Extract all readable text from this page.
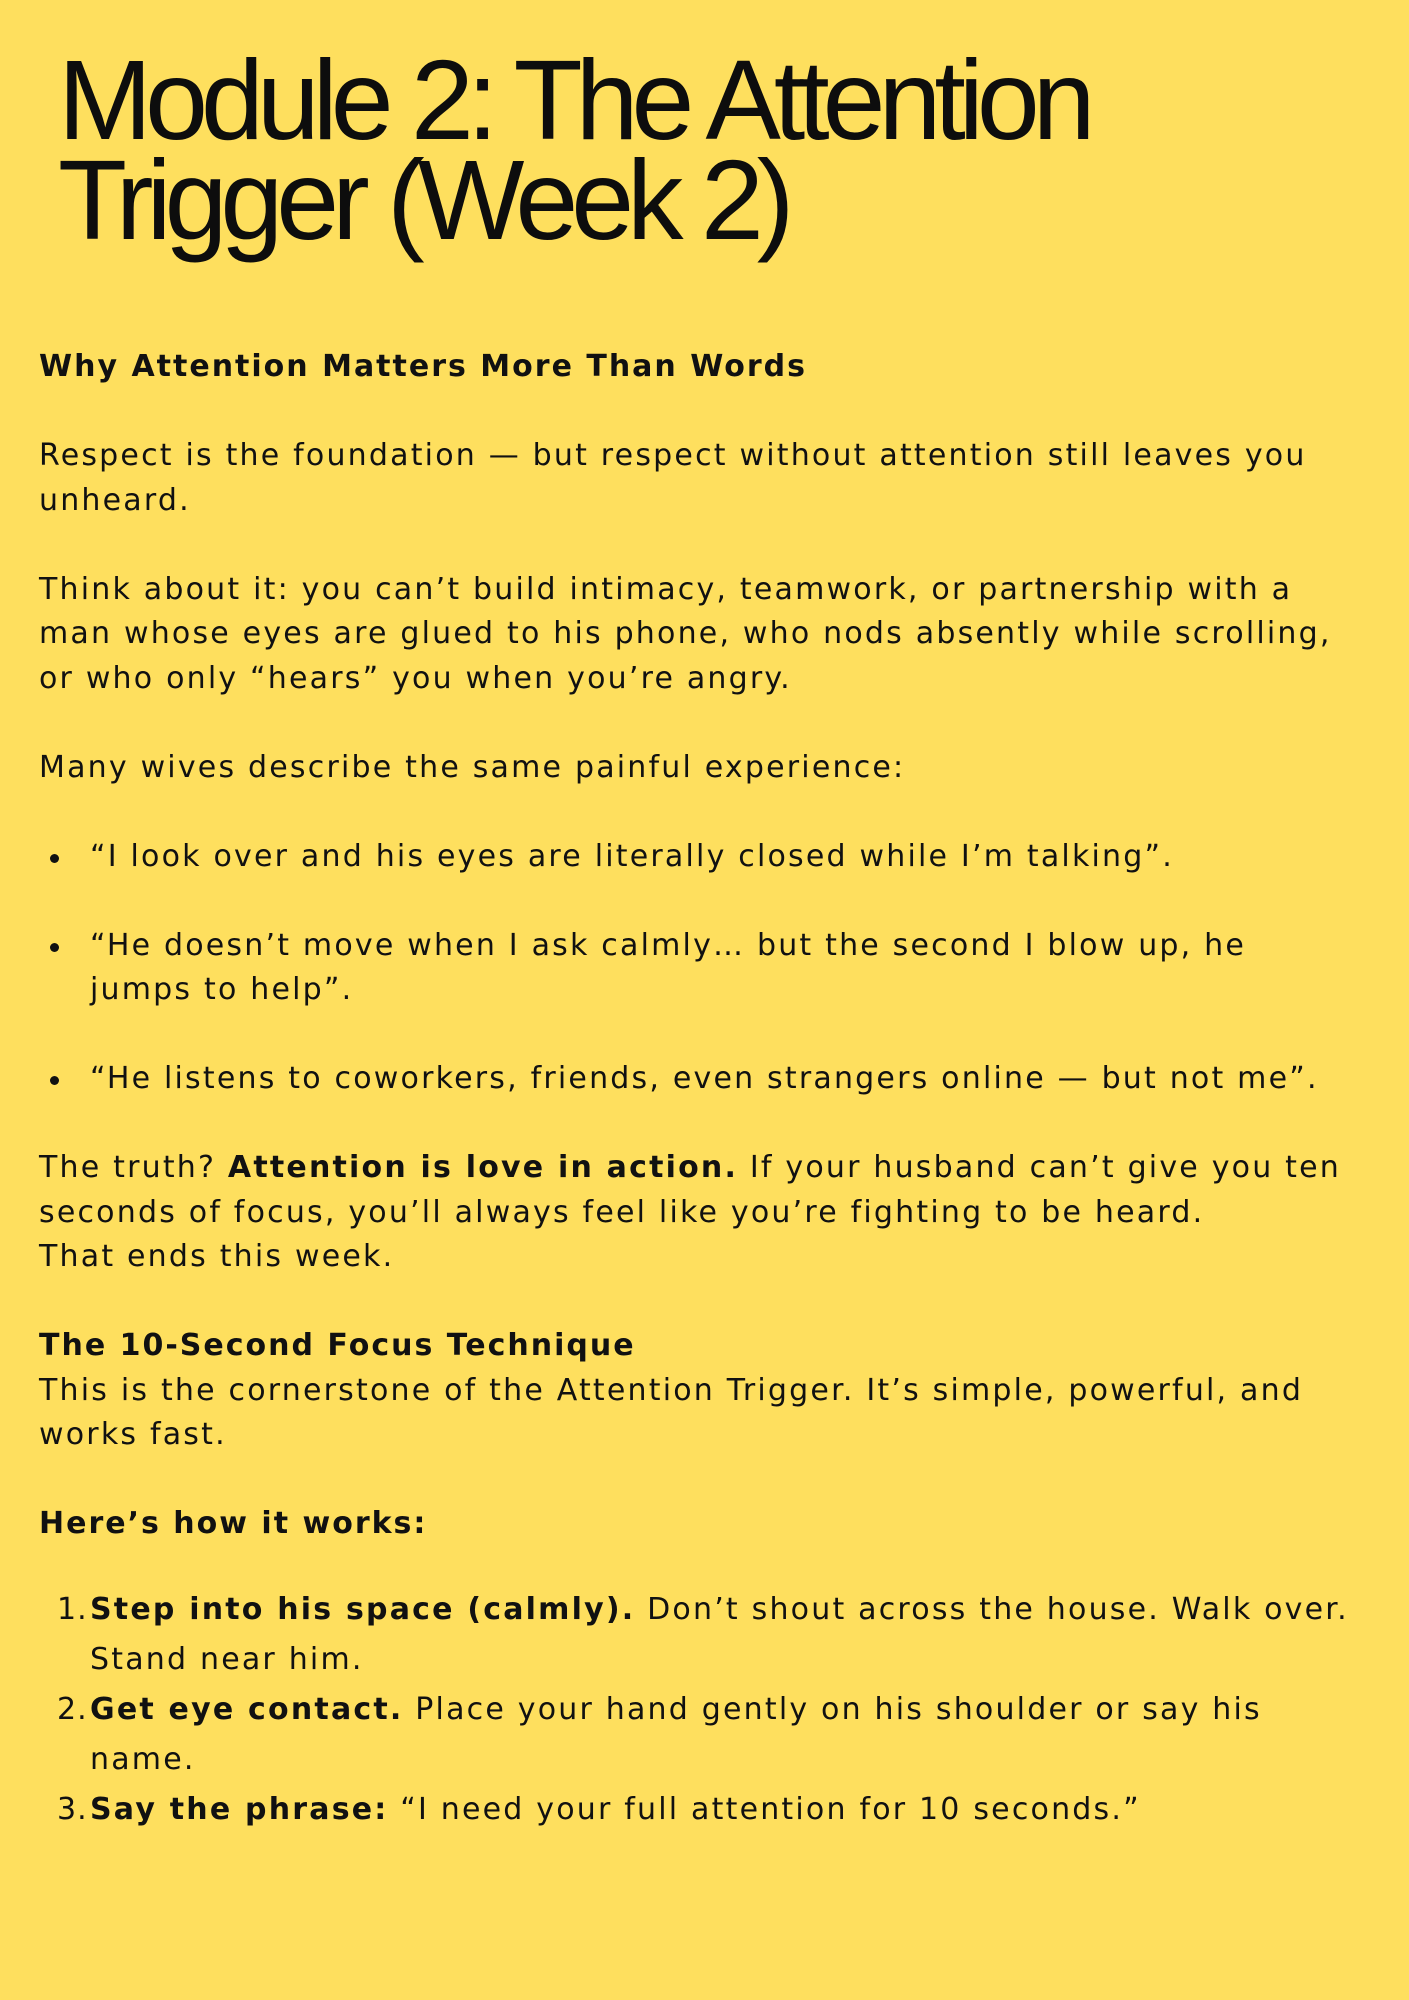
Module 2: The Attention
Trigger (Week 2)

Why Attention Matters More Than Words

Respect is the foundation — but respect without attention still leaves you unheard.

Think about it: you can’t build intimacy, teamwork, or partnership with a man whose eyes are glued to his phone, who nods absently while scrolling, or who only “hears” you when you’re angry.

Many wives describe the same painful experience:

“I look over and his eyes are literally closed while I’m talking”.
“He doesn’t move when I ask calmly… but the second I blow up, he jumps to help”.
“He listens to coworkers, friends, even strangers online — but not me”.

The truth? Attention is love in action. If your husband can’t give you ten seconds of focus, you’ll always feel like you’re fighting to be heard.

That ends this week.

The 10-Second Focus Technique

This is the cornerstone of the Attention Trigger. It’s simple, powerful, and works fast.

Here’s how it works:

1. Step into his space (calmly). Don’t shout across the house. Walk over. Stand near him.
2. Get eye contact. Place your hand gently on his shoulder or say his name.
3. Say the phrase: “I need your full attention for 10 seconds.”
